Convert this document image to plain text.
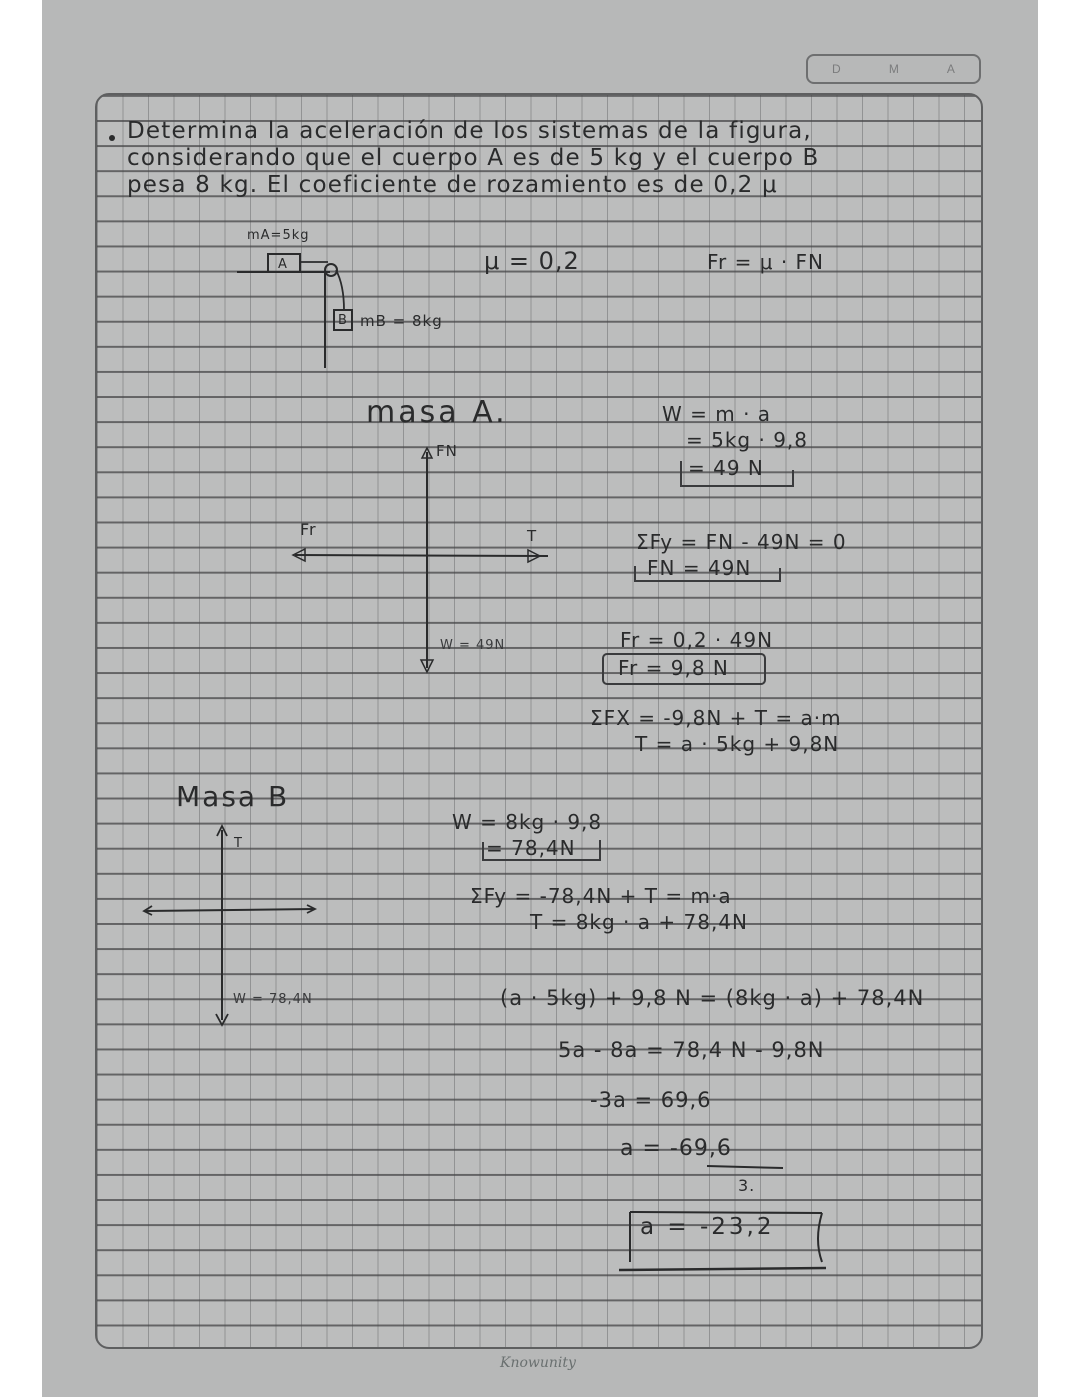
D	M	A
Determina la aceleración de los sistemas de la figura,
considerando que el cuerpo A es de 5 kg y el cuerpo B
pesa 8 kg. El coeficiente de rozamiento es de 0,2 μ
mA=5kg
A
B mB = 8kg
μ = 0,2	Fr = μ · FN
masa A.
FN
Fr	T
W = 49N
W = m · a
= 5kg · 9,8
= 49 N
ΣFy = FN - 49N = 0
FN = 49N
Fr = 0,2 · 49N
Fr = 9,8 N
ΣFX = -9,8N + T = a·m
T = a · 5kg + 9,8N
Masa B
T
W = 78,4N
W = 8kg · 9,8
= 78,4N
ΣFy = -78,4N + T = m·a
T = 8kg · a + 78,4N
(a · 5kg) + 9,8 N = (8kg · a) + 78,4N
5a - 8a = 78,4 N - 9,8N
-3a = 69,6
a = -69,6
3.
a = -23,2
Knowunity
